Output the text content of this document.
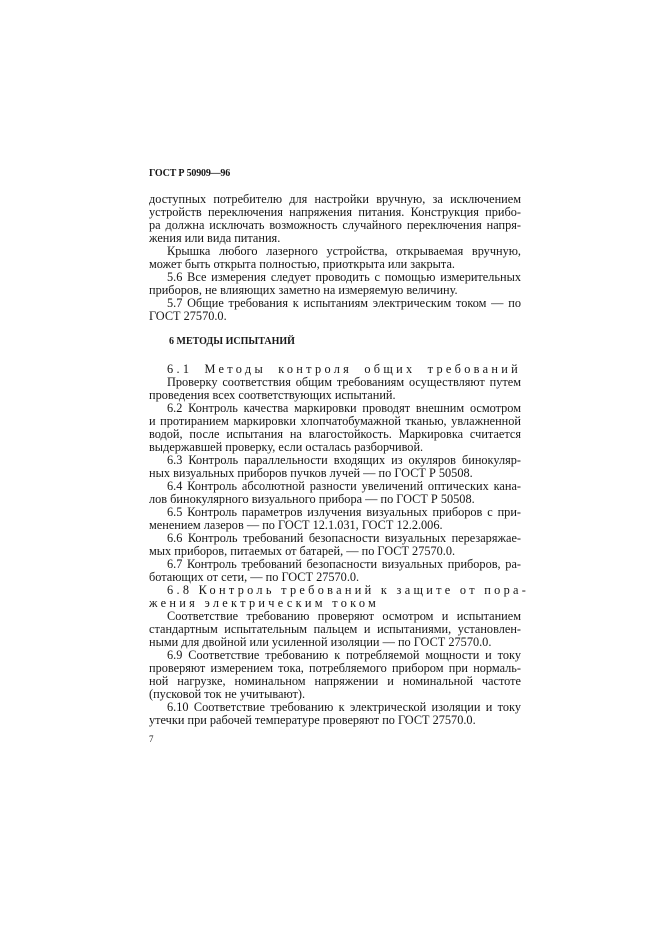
ГОСТ Р 50909—96
6 МЕТОДЫ ИСПЫТАНИЙ
доступных потребителю для настройки вручную, за исключением
устройств переключения напряжения питания. Конструкция прибо-
ра должна исключать возможность случайного переключения напря-
жения или вида питания.
Крышка любого лазерного устройства, открываемая вручную,
может быть открыта полностью, приоткрыта или закрыта.
5.6 Все измерения следует проводить с помощью измерительных
приборов, не влияющих заметно на измеряемую величину.
5.7 Общие требования к испытаниям электрическим током — по
ГОСТ 27570.0.
6.1 Методы контроля общих требований
Проверку соответствия общим требованиям осуществляют путем
проведения всех соответствующих испытаний.
6.2 Контроль качества маркировки проводят внешним осмотром
и протиранием маркировки хлопчатобумажной тканью, увлажненной
водой, после испытания на влагостойкость. Маркировка считается
выдержавшей проверку, если осталась разборчивой.
6.3 Контроль параллельности входящих из окуляров бинокуляр-
ных визуальных приборов пучков лучей — по ГОСТ Р 50508.
6.4 Контроль абсолютной разности увеличений оптических кана-
лов бинокулярного визуального прибора — по ГОСТ Р 50508.
6.5 Контроль параметров излучения визуальных приборов с при-
менением лазеров — по ГОСТ 12.1.031, ГОСТ 12.2.006.
6.6 Контроль требований безопасности визуальных перезаряжае-
мых приборов, питаемых от батарей, — по ГОСТ 27570.0.
6.7 Контроль требований безопасности визуальных приборов, ра-
ботающих от сети, — по ГОСТ 27570.0.
6.8 Контроль требований к защите от пора-
жения электрическим током
Соответствие требованию проверяют осмотром и испытанием
стандартным испытательным пальцем и испытаниями, установлен-
ными для двойной или усиленной изоляции — по ГОСТ 27570.0.
6.9 Соответствие требованию к потребляемой мощности и току
проверяют измерением тока, потребляемого прибором при нормаль-
ной нагрузке, номинальном напряжении и номинальной частоте
(пусковой ток не учитывают).
6.10 Соответствие требованию к электрической изоляции и току
утечки при рабочей температуре проверяют по ГОСТ 27570.0.
7
